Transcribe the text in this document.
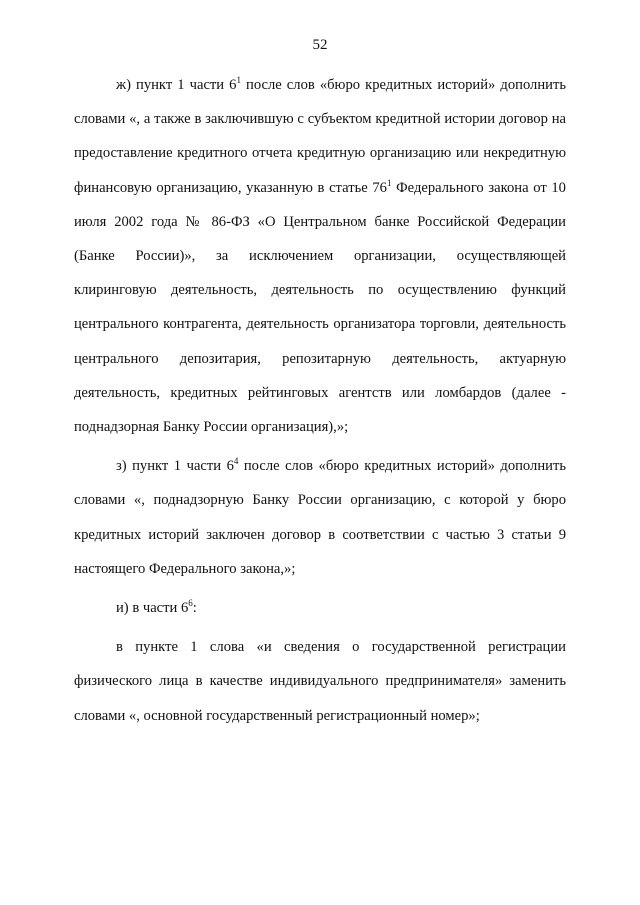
52

ж) пункт 1 части $6^1$ после слов «бюро кредитных историй» дополнить словами «, а также в заключившую с субъектом кредитной истории договор на предоставление кредитного отчета кредитную организацию или некредитную финансовую организацию, указанную в статье $76^1$ Федерального закона от 10 июля 2002 года № 86-ФЗ «О Центральном банке Российской Федерации (Банке России)», за исключением организации, осуществляющей клиринговую деятельность, деятельность по осуществлению функций центрального контрагента, деятельность организатора торговли, деятельность центрального депозитария, репозитарную деятельность, актуарную деятельность, кредитных рейтинговых агентств или ломбардов (далее - поднадзорная Банку России организация),»;

з) пункт 1 части $6^4$ после слов «бюро кредитных историй» дополнить словами «, поднадзорную Банку России организацию, с которой у бюро кредитных историй заключен договор в соответствии с частью 3 статьи 9 настоящего Федерального закона,»;

и) в части $6^6$:

в пункте 1 слова «и сведения о государственной регистрации физического лица в качестве индивидуального предпринимателя» заменить словами «, основной государственный регистрационный номер»;
